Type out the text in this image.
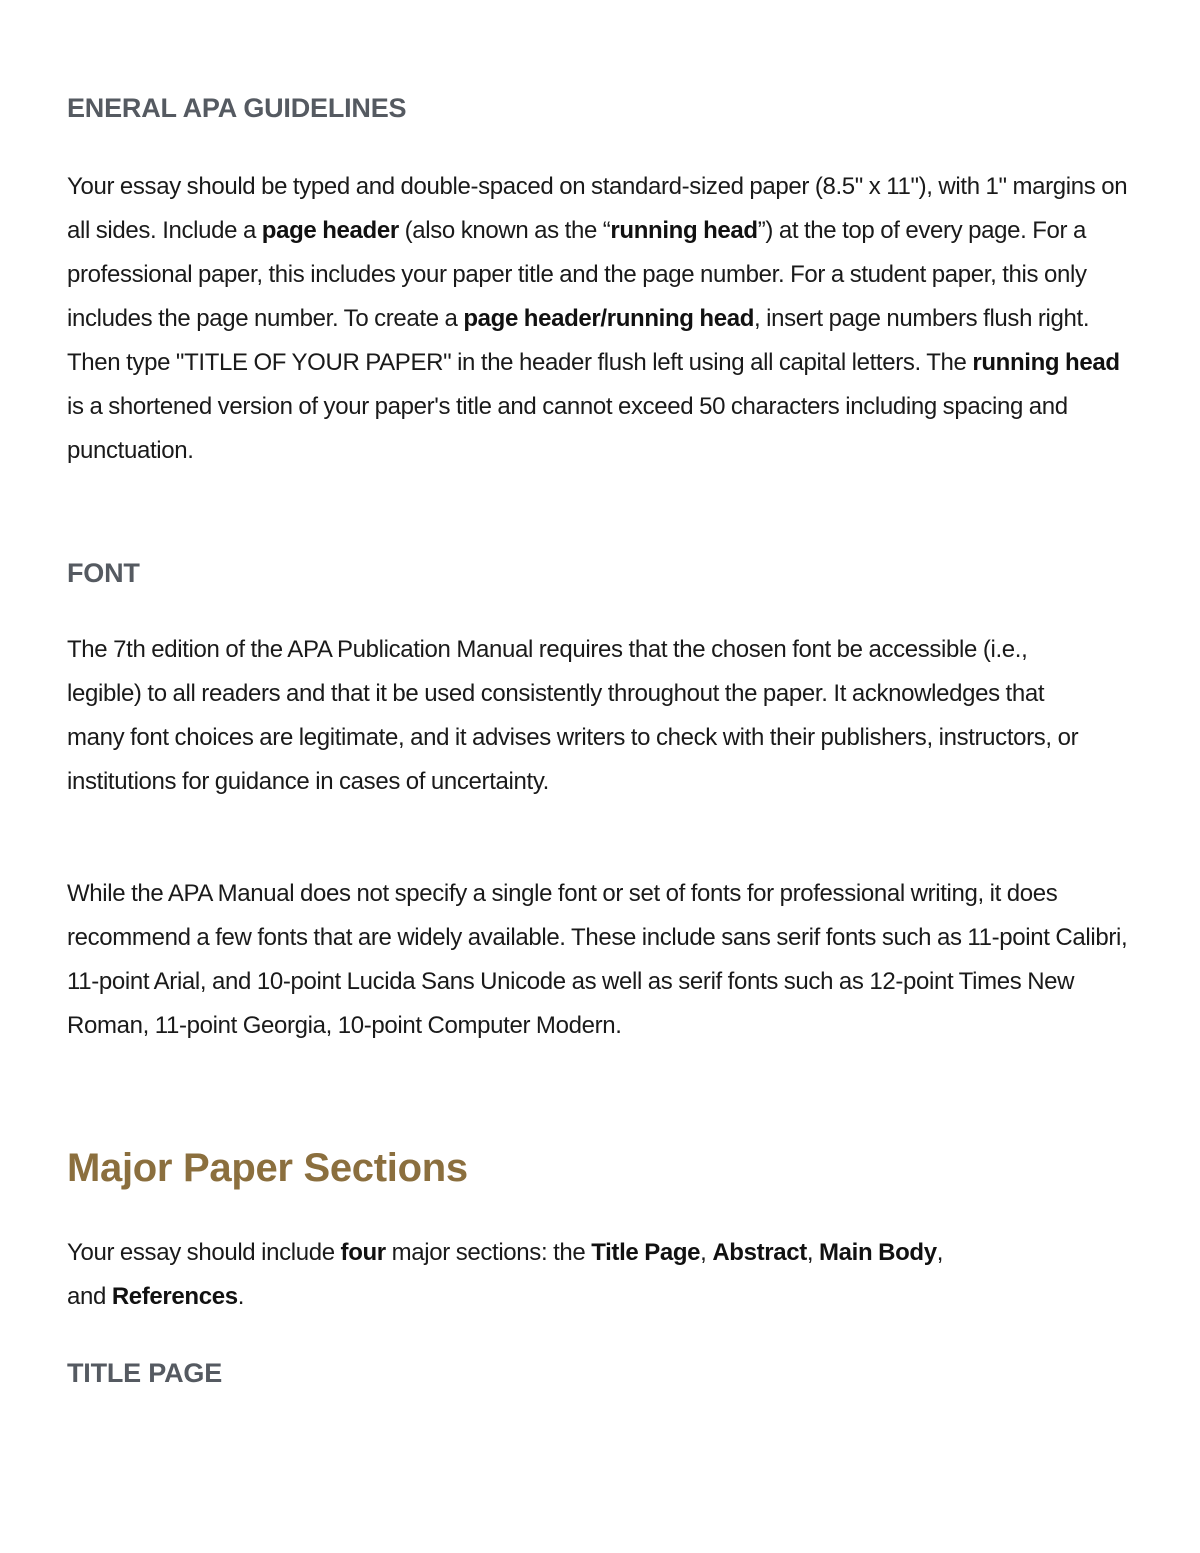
ENERAL APA GUIDELINES

Your essay should be typed and double-spaced on standard-sized paper (8.5" x 11"), with 1" margins on all sides. Include a page header (also known as the “running head”) at the top of every page. For a professional paper, this includes your paper title and the page number. For a student paper, this only includes the page number. To create a page header/running head, insert page numbers flush right. Then type "TITLE OF YOUR PAPER" in the header flush left using all capital letters. The running head is a shortened version of your paper's title and cannot exceed 50 characters including spacing and punctuation.

FONT

The 7th edition of the APA Publication Manual requires that the chosen font be accessible (i.e., legible) to all readers and that it be used consistently throughout the paper. It acknowledges that many font choices are legitimate, and it advises writers to check with their publishers, instructors, or institutions for guidance in cases of uncertainty.

While the APA Manual does not specify a single font or set of fonts for professional writing, it does recommend a few fonts that are widely available. These include sans serif fonts such as 11-point Calibri, 11-point Arial, and 10-point Lucida Sans Unicode as well as serif fonts such as 12-point Times New Roman, 11-point Georgia, 10-point Computer Modern.

Major Paper Sections

Your essay should include four major sections: the Title Page, Abstract, Main Body,
and References.

TITLE PAGE
